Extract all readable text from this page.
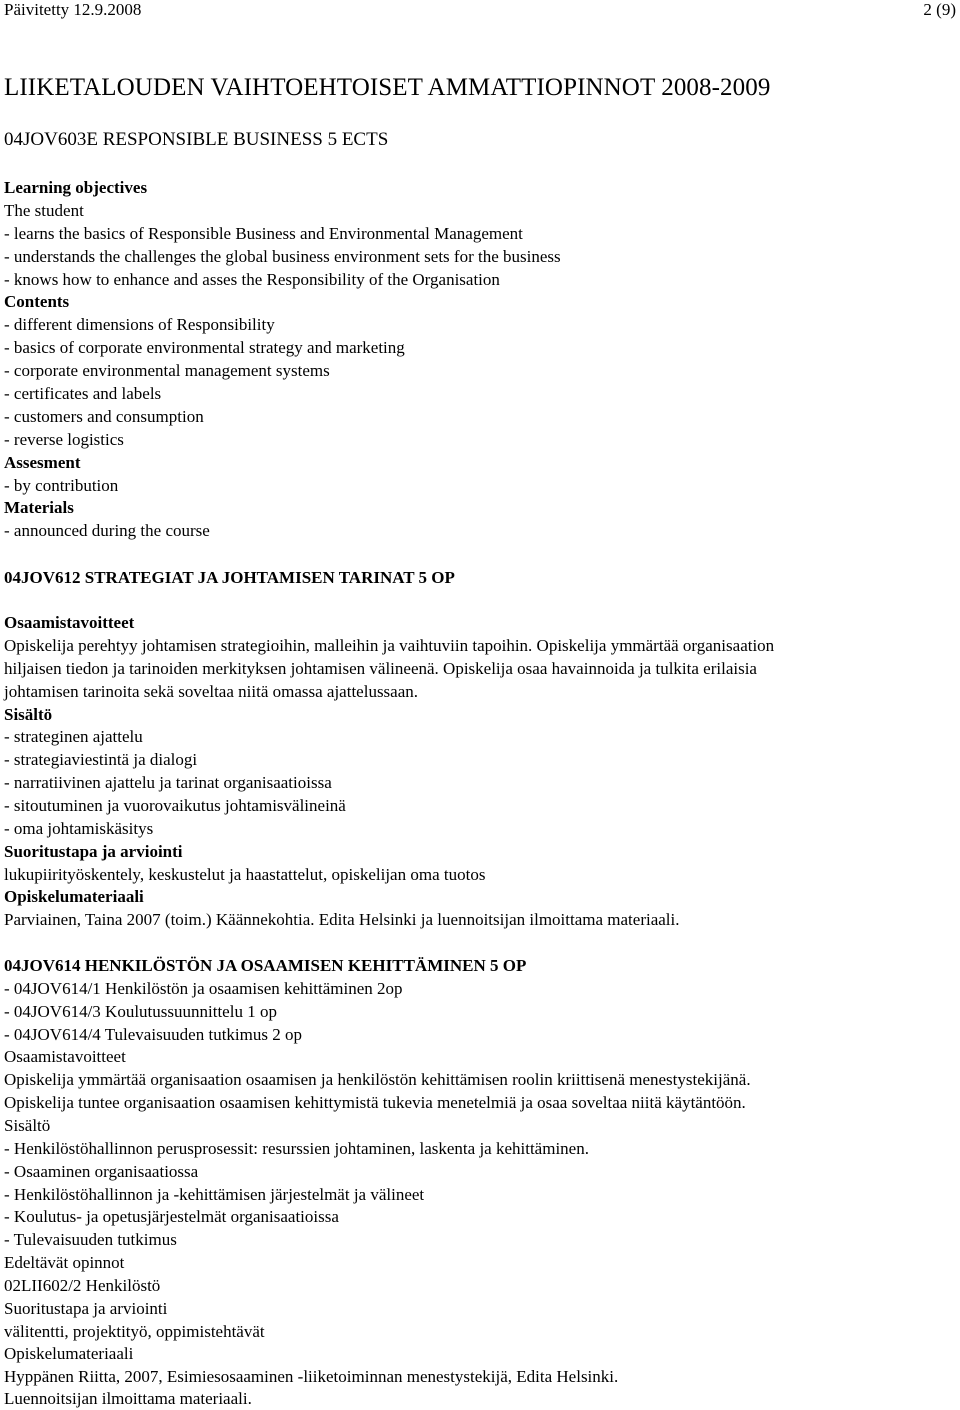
Päivitetty 12.9.2008	2 (9)
LIIKETALOUDEN VAIHTOEHTOISET AMMATTIOPINNOT 2008-2009
04JOV603E RESPONSIBLE BUSINESS 5 ECTS
Learning objectives
The student
- learns the basics of Responsible Business and Environmental Management
- understands the challenges the global business environment sets for the business
- knows how to enhance and asses the Responsibility of the Organisation
Contents
- different dimensions of Responsibility
- basics of corporate environmental strategy and marketing
- corporate environmental management systems
- certificates and labels
- customers and consumption
- reverse logistics
Assesment
- by contribution
Materials
- announced during the course
04JOV612 STRATEGIAT JA JOHTAMISEN TARINAT 5 OP
Osaamistavoitteet
Opiskelija perehtyy johtamisen strategioihin, malleihin ja vaihtuviin tapoihin. Opiskelija ymmärtää organisaation
hiljaisen tiedon ja tarinoiden merkityksen johtamisen välineenä. Opiskelija osaa havainnoida ja tulkita erilaisia
johtamisen tarinoita sekä soveltaa niitä omassa ajattelussaan.
Sisältö
- strateginen ajattelu
- strategiaviestintä ja dialogi
- narratiivinen ajattelu ja tarinat organisaatioissa
- sitoutuminen ja vuorovaikutus johtamisvälineinä
- oma johtamiskäsitys
Suoritustapa ja arviointi
lukupiirityöskentely, keskustelut ja haastattelut, opiskelijan oma tuotos
Opiskelumateriaali
Parviainen, Taina 2007 (toim.) Käännekohtia. Edita Helsinki ja luennoitsijan ilmoittama materiaali.
04JOV614 HENKILÖSTÖN JA OSAAMISEN KEHITTÄMINEN 5 OP
- 04JOV614/1 Henkilöstön ja osaamisen kehittäminen 2op
- 04JOV614/3 Koulutussuunnittelu 1 op
- 04JOV614/4 Tulevaisuuden tutkimus 2 op
Osaamistavoitteet
Opiskelija ymmärtää organisaation osaamisen ja henkilöstön kehittämisen roolin kriittisenä menestystekijänä.
Opiskelija tuntee organisaation osaamisen kehittymistä tukevia menetelmiä ja osaa soveltaa niitä käytäntöön.
Sisältö
- Henkilöstöhallinnon perusprosessit: resurssien johtaminen, laskenta ja kehittäminen.
- Osaaminen organisaatiossa
- Henkilöstöhallinnon ja -kehittämisen järjestelmät ja välineet
- Koulutus- ja opetusjärjestelmät organisaatioissa
- Tulevaisuuden tutkimus
Edeltävät opinnot
02LII602/2 Henkilöstö
Suoritustapa ja arviointi
välitentti, projektityö, oppimistehtävät
Opiskelumateriaali
Hyppänen Riitta, 2007, Esimiesosaaminen -liiketoiminnan menestystekijä, Edita Helsinki.
Luennoitsijan ilmoittama materiaali.
